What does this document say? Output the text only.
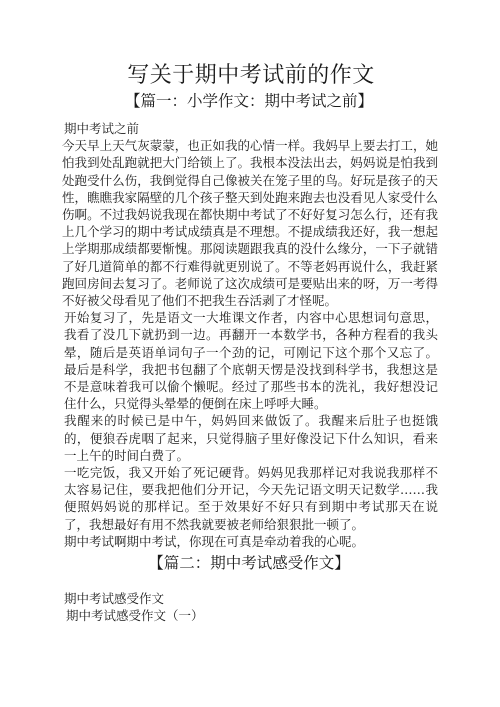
写关于期中考试前的作文
【篇一：小学作文：期中考试之前】

期中考试之前

今天早上天气灰蒙蒙，也正如我的心情一样。我妈早上要去打工，她怕我到处乱跑就把大门给锁上了。我根本没法出去，妈妈说是怕我到处跑受什么伤，我倒觉得自己像被关在笼子里的鸟。好玩是孩子的天性，瞧瞧我家隔壁的几个孩子整天到处跑来跑去也没看见人家受什么伤啊。不过我妈说我现在都快期中考试了不好好复习怎么行，还有我上几个学习的期中考试成绩真是不理想。不提成绩我还好，我一想起上学期那成绩都要惭愧。那阅读题跟我真的没什么缘分，一下子就错了好几道简单的都不行难得就更别说了。不等老妈再说什么，我赶紧跑回房间去复习了。老师说了这次成绩可是要贴出来的呀，万一考得不好被父母看见了他们不把我生吞活剥了才怪呢。

开始复习了，先是语文一大堆课文作者，内容中心思想词句意思，我看了没几下就扔到一边。再翻开一本数学书，各种方程看的我头晕，随后是英语单词句子一个劲的记，可刚记下这个那个又忘了。最后是科学，我把书包翻了个底朝天愣是没找到科学书，我想这是不是意味着我可以偷个懒呢。经过了那些书本的洗礼，我好想没记住什么，只觉得头晕晕的便倒在床上呼呼大睡。

我醒来的时候已是中午，妈妈回来做饭了。我醒来后肚子也挺饿的，便狼吞虎咽了起来，只觉得脑子里好像没记下什么知识，看来一上午的时间白费了。

一吃完饭，我又开始了死记硬背。妈妈见我那样记对我说我那样不太容易记住，要我把他们分开记，今天先记语文明天记数学……我便照妈妈说的那样记。至于效果好不好只有到期中考试那天在说了，我想最好有用不然我就要被老师给狠狠批一顿了。

期中考试啊期中考试，你现在可真是牵动着我的心呢。

【篇二：期中考试感受作文】

期中考试感受作文

期中考试感受作文（一）
